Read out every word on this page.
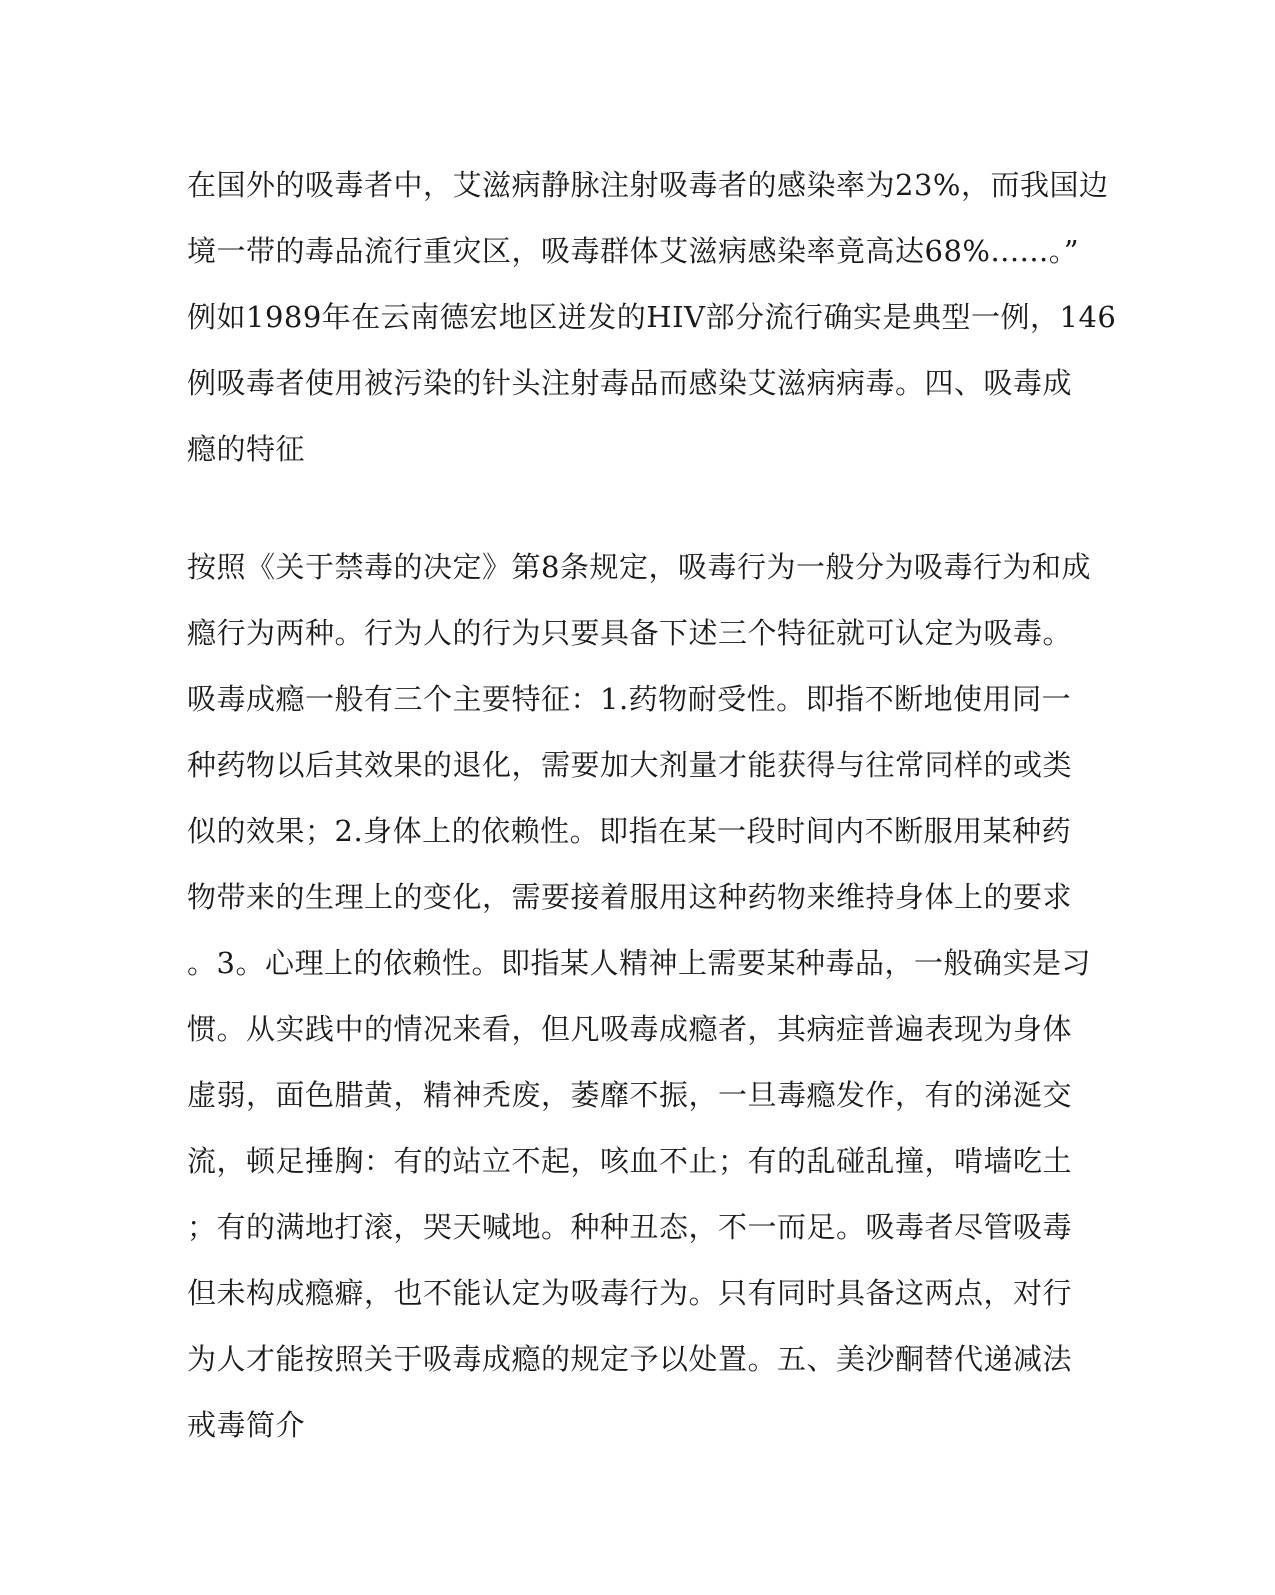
在国外的吸毒者中，艾滋病静脉注射吸毒者的感染率为23%，而我国边
境一带的毒品流行重灾区，吸毒群体艾滋病感染率竟高达68%......。”
例如1989年在云南德宏地区迸发的HIV部分流行确实是典型一例，146
例吸毒者使用被污染的针头注射毒品而感染艾滋病病毒。四、吸毒成
瘾的特征
按照《关于禁毒的决定》第8条规定，吸毒行为一般分为吸毒行为和成
瘾行为两种。行为人的行为只要具备下述三个特征就可认定为吸毒。
吸毒成瘾一般有三个主要特征：1.药物耐受性。即指不断地使用同一
种药物以后其效果的退化，需要加大剂量才能获得与往常同样的或类
似的效果；2.身体上的依赖性。即指在某一段时间内不断服用某种药
物带来的生理上的变化，需要接着服用这种药物来维持身体上的要求
。3。心理上的依赖性。即指某人精神上需要某种毒品，一般确实是习
惯。从实践中的情况来看，但凡吸毒成瘾者，其病症普遍表现为身体
虚弱，面色腊黄，精神秃废，萎靡不振，一旦毒瘾发作，有的涕涎交
流，顿足捶胸：有的站立不起，咳血不止；有的乱碰乱撞，啃墙吃土
；有的满地打滚，哭天喊地。种种丑态，不一而足。吸毒者尽管吸毒
但未构成瘾癖，也不能认定为吸毒行为。只有同时具备这两点，对行
为人才能按照关于吸毒成瘾的规定予以处置。五、美沙酮替代递减法
戒毒简介
